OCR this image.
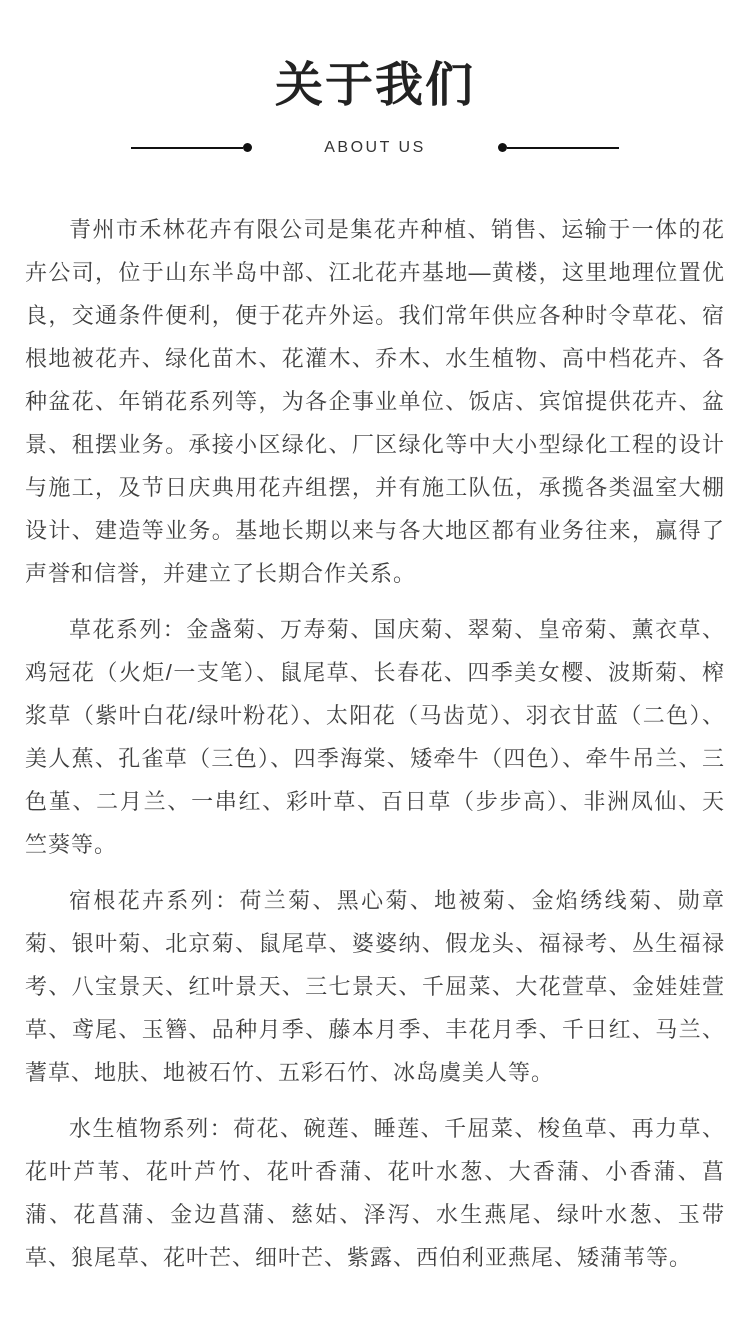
关于我们
ABOUT US

青州市禾林花卉有限公司是集花卉种植、销售、运输于一体的花卉公司，位于山东半岛中部、江北花卉基地—黄楼，这里地理位置优良，交通条件便利，便于花卉外运。我们常年供应各种时令草花、宿根地被花卉、绿化苗木、花灌木、乔木、水生植物、高中档花卉、各种盆花、年销花系列等，为各企事业单位、饭店、宾馆提供花卉、盆景、租摆业务。承接小区绿化、厂区绿化等中大小型绿化工程的设计与施工，及节日庆典用花卉组摆，并有施工队伍，承揽各类温室大棚设计、建造等业务。基地长期以来与各大地区都有业务往来，赢得了声誉和信誉，并建立了长期合作关系。

草花系列：金盏菊、万寿菊、国庆菊、翠菊、皇帝菊、薰衣草、鸡冠花（火炬/一支笔）、鼠尾草、长春花、四季美女樱、波斯菊、榨浆草（紫叶白花/绿叶粉花）、太阳花（马齿苋）、羽衣甘蓝（二色）、美人蕉、孔雀草（三色）、四季海棠、矮牵牛（四色）、牵牛吊兰、三色堇、二月兰、一串红、彩叶草、百日草（步步高）、非洲凤仙、天竺葵等。

宿根花卉系列：荷兰菊、黑心菊、地被菊、金焰绣线菊、勋章菊、银叶菊、北京菊、鼠尾草、婆婆纳、假龙头、福禄考、丛生福禄考、八宝景天、红叶景天、三七景天、千屈菜、大花萱草、金娃娃萱草、鸢尾、玉簪、品种月季、藤本月季、丰花月季、千日红、马兰、蓍草、地肤、地被石竹、五彩石竹、冰岛虞美人等。

水生植物系列：荷花、碗莲、睡莲、千屈菜、梭鱼草、再力草、花叶芦苇、花叶芦竹、花叶香蒲、花叶水葱、大香蒲、小香蒲、菖蒲、花菖蒲、金边菖蒲、慈姑、泽泻、水生燕尾、绿叶水葱、玉带草、狼尾草、花叶芒、细叶芒、紫露、西伯利亚燕尾、矮蒲苇等。
